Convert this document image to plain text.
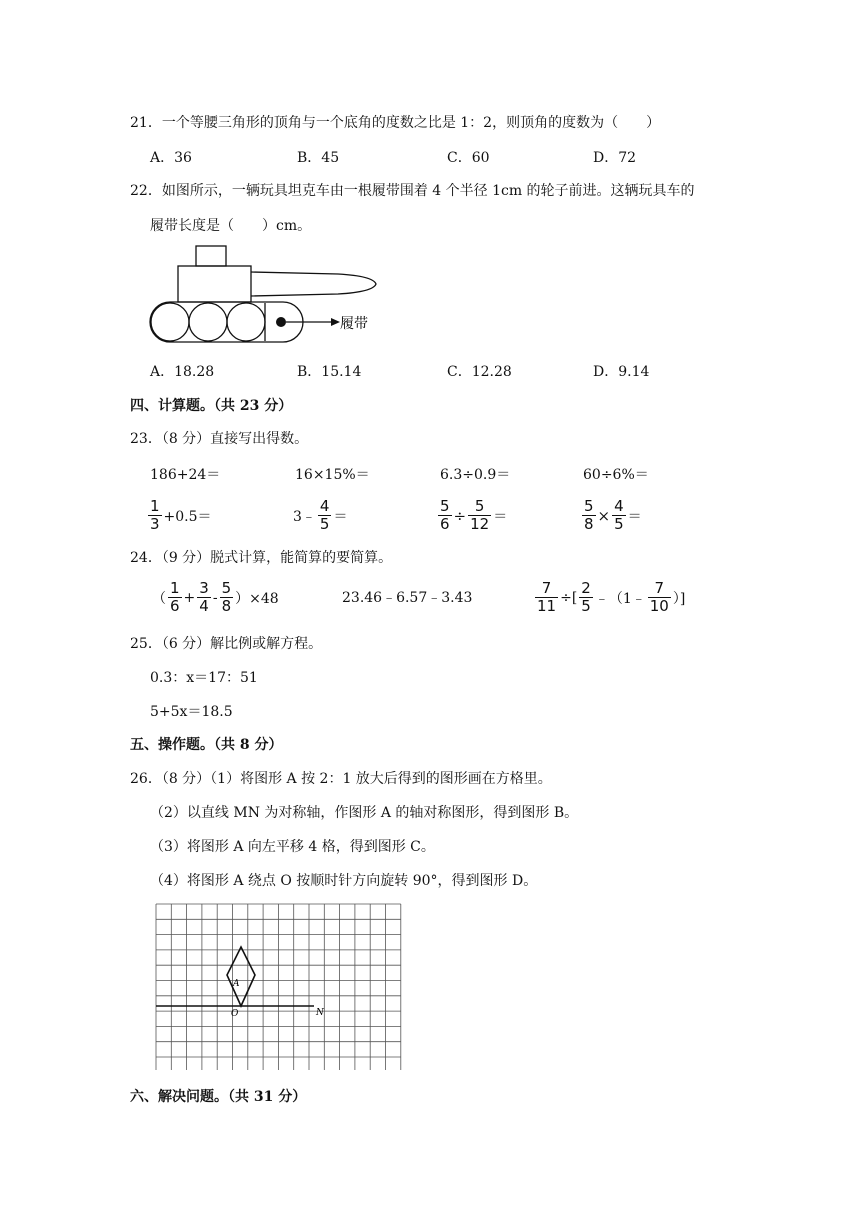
21．一个等腰三角形的顶角与一个底角的度数之比是 1：2，则顶角的度数为（　　）
A．36	B．45	C．60	D．72
22．如图所示，一辆玩具坦克车由一根履带围着 4 个半径 1cm 的轮子前进。这辆玩具车的
履带长度是（　　）cm。
履带
A．18.28	B．15.14	C．12.28	D．9.14
四、计算题。（共 23 分）
23．（8 分）直接写出得数。
186+24＝	16×15%＝	6.3÷0.9＝	60÷6%＝
$\frac{1}{3} +0.5=$	3﹣ $\frac{4}{5}$ ＝	$\frac{5}{6} \div \frac{5}{12}$ ＝	$\frac{5}{8} \times \frac{4}{5}$ ＝
24．（9 分）脱式计算，能简算的要简算。
（ $\frac{1}{6} + \frac{3}{4} - \frac{5}{8} )\times 48$	23.46﹣6.57﹣3.43	$\frac{7}{11}$ ÷[ $\frac{2}{5}$ ﹣（1﹣ $\frac{7}{10}$ ）]
25．（6 分）解比例或解方程。
0.3：x＝17：51
5+5x＝18.5
五、操作题。（共 8 分）
26．（8 分）（1）将图形 A 按 2：1 放大后得到的图形画在方格里。
（2）以直线 MN 为对称轴，作图形 A 的轴对称图形，得到图形 B。
（3）将图形 A 向左平移 4 格，得到图形 C。
（4）将图形 A 绕点 O 按顺时针方向旋转 90°，得到图形 D。
A
O	N
六、解决问题。（共 31 分）
